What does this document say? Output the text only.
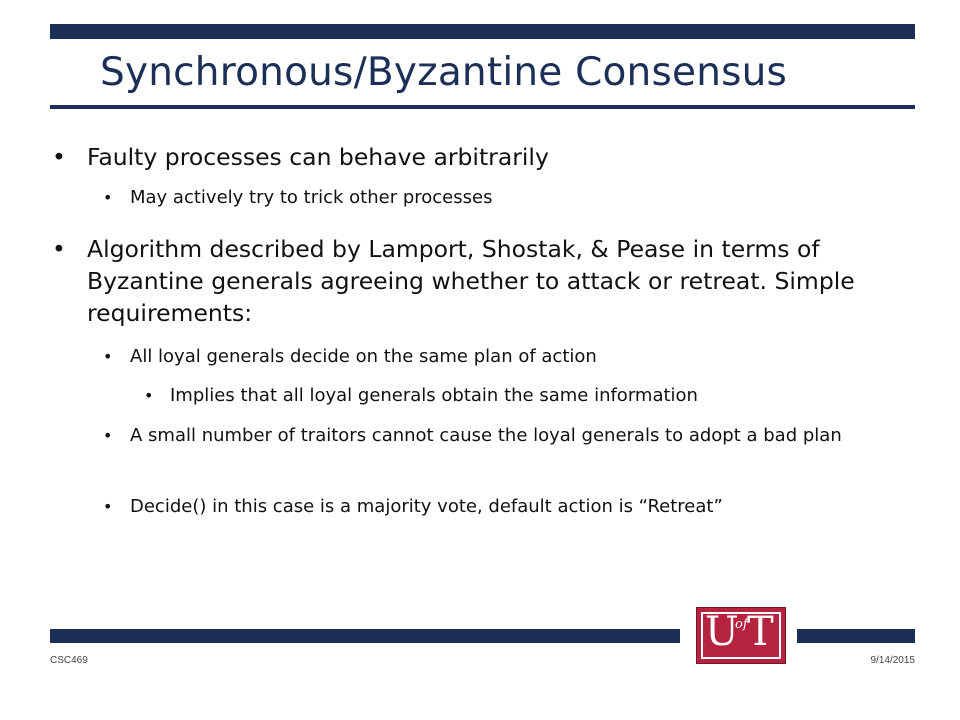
Synchronous/Byzantine Consensus
• Faulty processes can behave arbitrarily
• May actively try to trick other processes
• Algorithm described by Lamport, Shostak, & Pease in terms of Byzantine generals agreeing whether to attack or retreat. Simple requirements:
• All loyal generals decide on the same plan of action
• Implies that all loyal generals obtain the same information
• A small number of traitors cannot cause the loyal generals to adopt a bad plan
• Decide() in this case is a majority vote, default action is “Retreat”
U
of T
CSC469	9/14/2015
